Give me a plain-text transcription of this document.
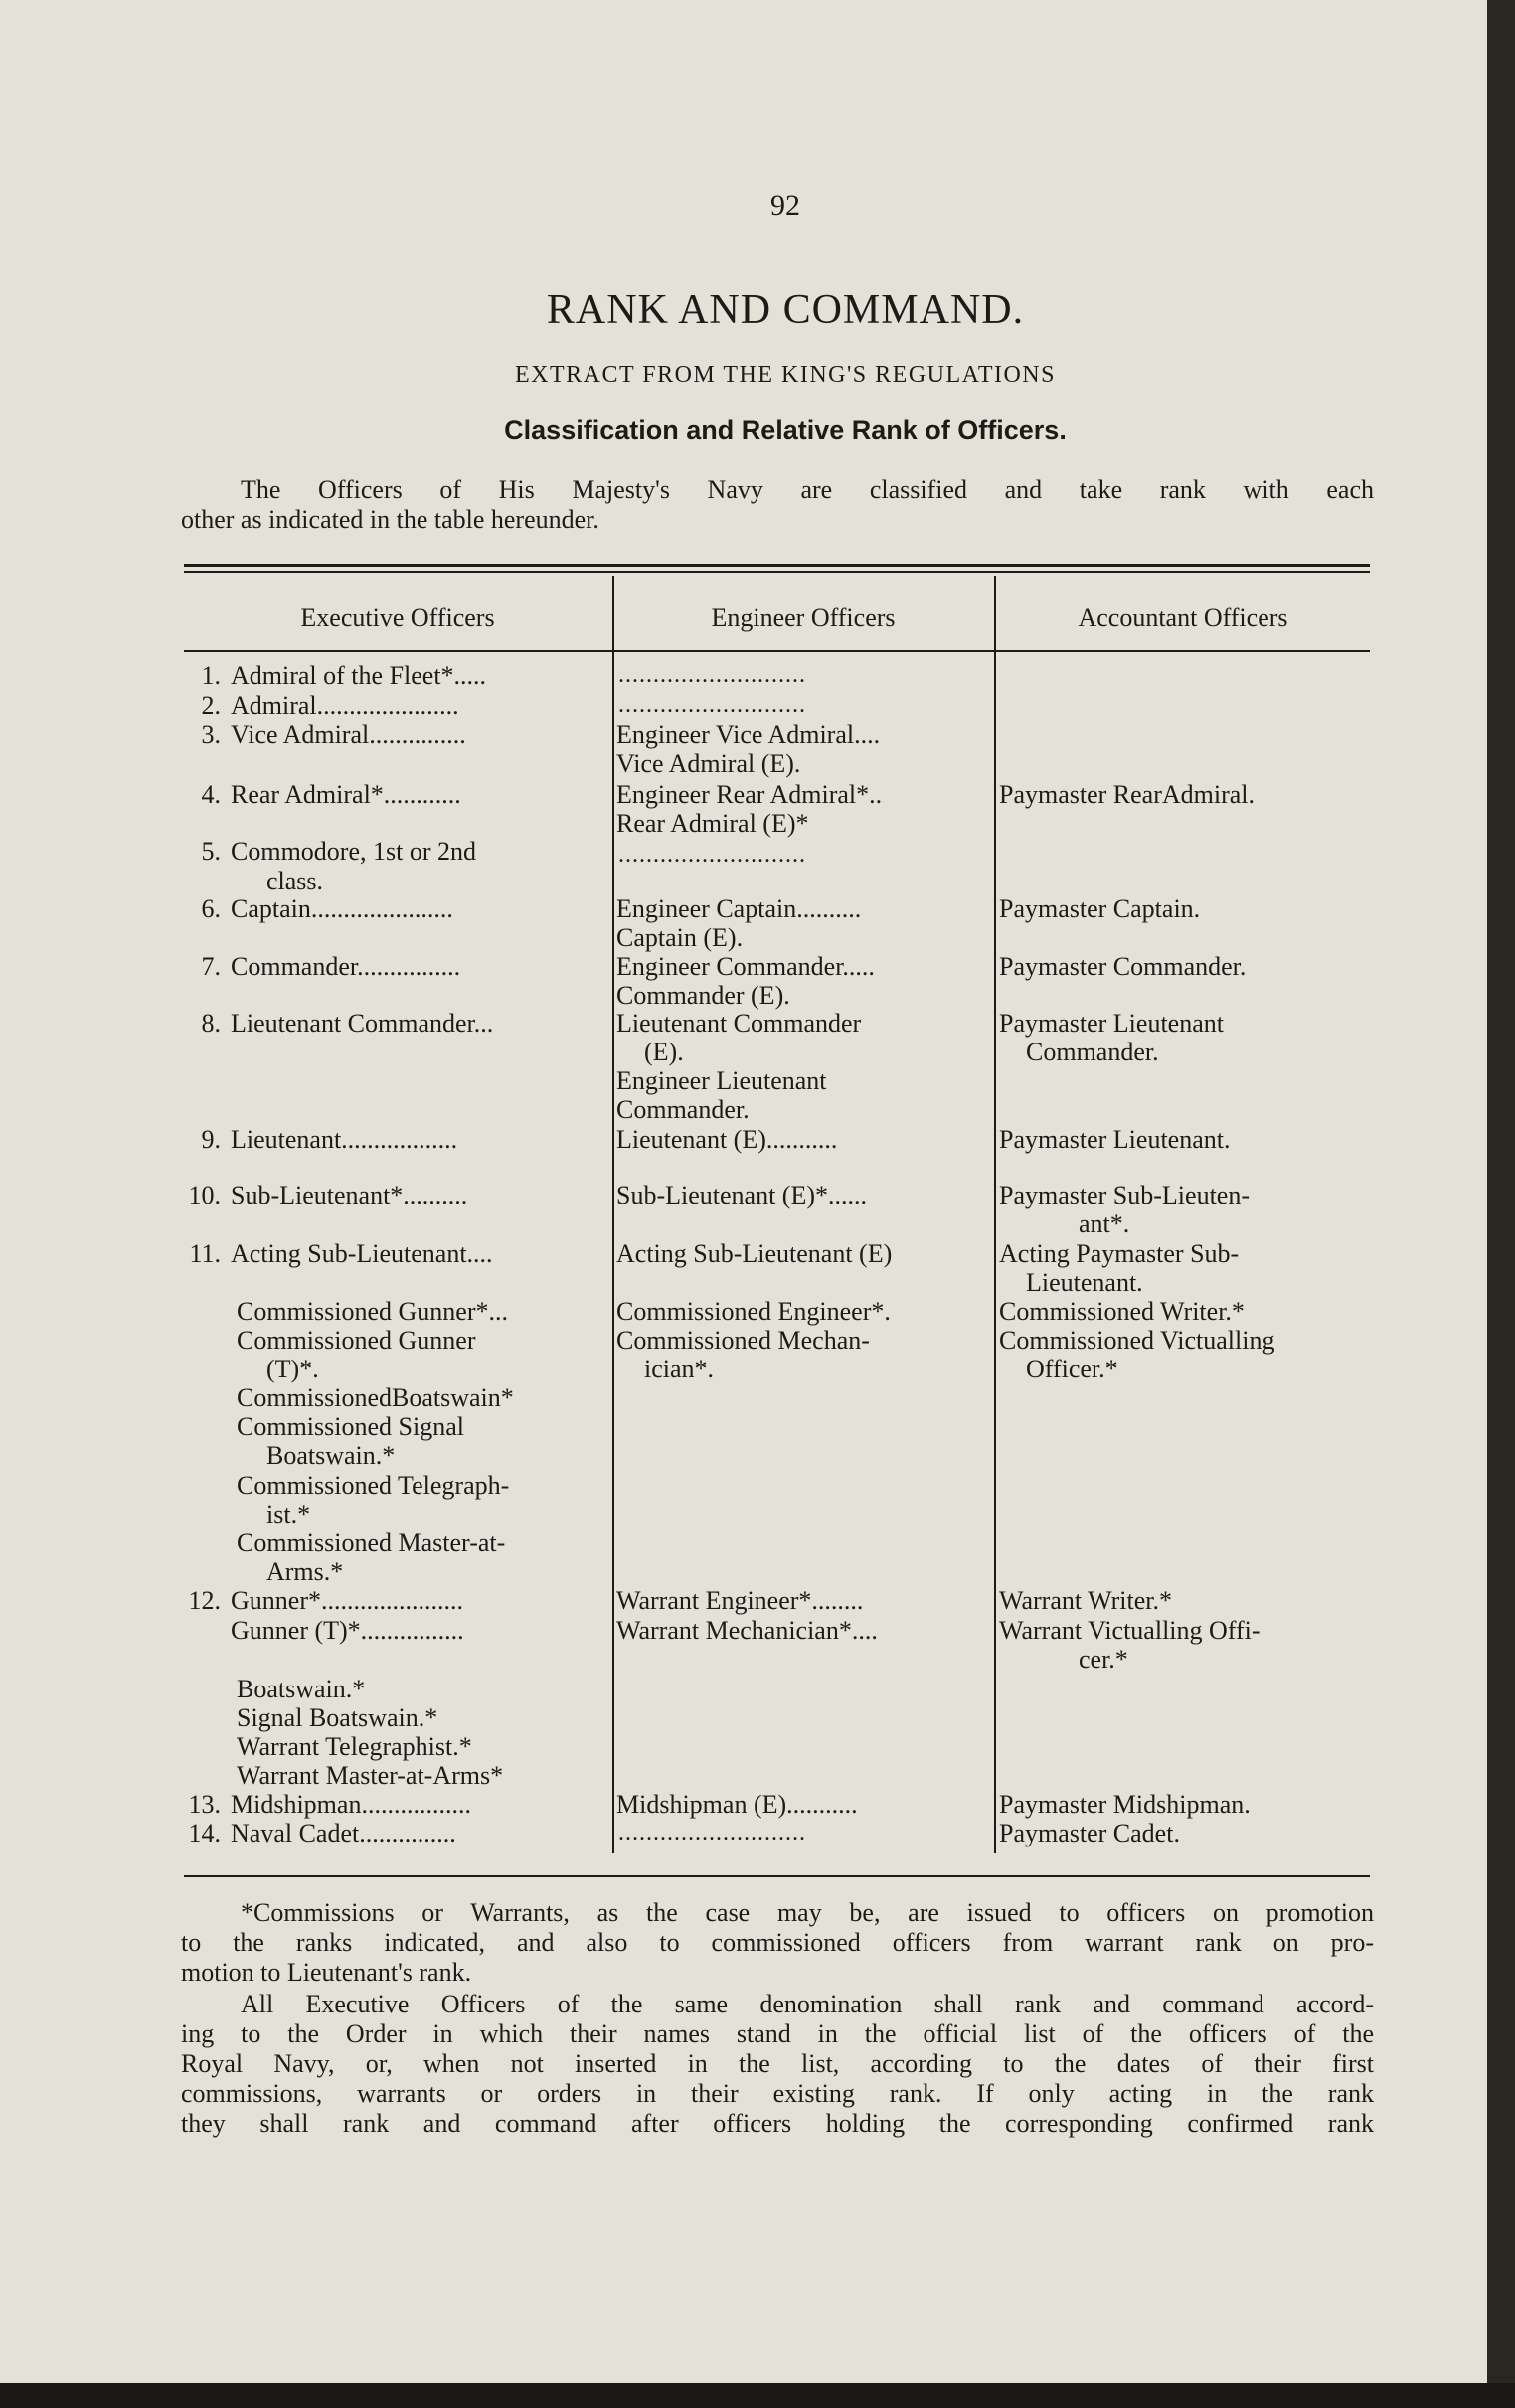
92
RANK AND COMMAND.
EXTRACT FROM THE KING'S REGULATIONS
Classification and Relative Rank of Officers.
The Officers of His Majesty's Navy are classified and take rank with each
other as indicated in the table hereunder.
Executive Officers	Engineer Officers	Accountant Officers
1. Admiral of the Fleet*.....
2. Admiral......................
3. Vice Admiral...............
4. Rear Admiral*............
5. Commodore, 1st or 2nd
class.
6. Captain......................
7. Commander................
8. Lieutenant Commander...
9. Lieutenant..................
10. Sub-Lieutenant*..........
11. Acting Sub-Lieutenant....
Commissioned Gunner*...
Commissioned Gunner
(T)*.
CommissionedBoatswain*
Commissioned Signal
Boatswain.*
Commissioned Telegraph-
ist.*
Commissioned Master-at-
Arms.*
12. Gunner*......................
Gunner (T)*................
Boatswain.*
Signal Boatswain.*
Warrant Telegraphist.*
Warrant Master-at-Arms*
13. Midshipman.................
14. Naval Cadet...............
...........................
...........................
Engineer Vice Admiral....
Vice Admiral (E).
Engineer Rear Admiral*..
Rear Admiral (E)*
...........................
Engineer Captain..........
Captain (E).
Engineer Commander.....
Commander (E).
Lieutenant Commander
(E).
Engineer Lieutenant
Commander.
Lieutenant (E)...........
Sub-Lieutenant (E)*......
Acting Sub-Lieutenant (E)
Commissioned Engineer*.
Commissioned Mechan-
ician*.
Warrant Engineer*........
Warrant Mechanician*....
Midshipman (E)...........
...........................
Paymaster RearAdmiral.
Paymaster Captain.
Paymaster Commander.
Paymaster Lieutenant
Commander.
Paymaster Lieutenant.
Paymaster Sub-Lieuten-
ant*.
Acting Paymaster Sub-
Lieutenant.
Commissioned Writer.*
Commissioned Victualling
Officer.*
Warrant Writer.*
Warrant Victualling Offi-
cer.*
Paymaster Midshipman.
Paymaster Cadet.
*Commissions or Warrants, as the case may be, are issued to officers on promotion
to the ranks indicated, and also to commissioned officers from warrant rank on pro-
motion to Lieutenant's rank.
All Executive Officers of the same denomination shall rank and command accord-
ing to the Order in which their names stand in the official list of the officers of the
Royal Navy, or, when not inserted in the list, according to the dates of their first
commissions, warrants or orders in their existing rank. If only acting in the rank
they shall rank and command after officers holding the corresponding confirmed rank
